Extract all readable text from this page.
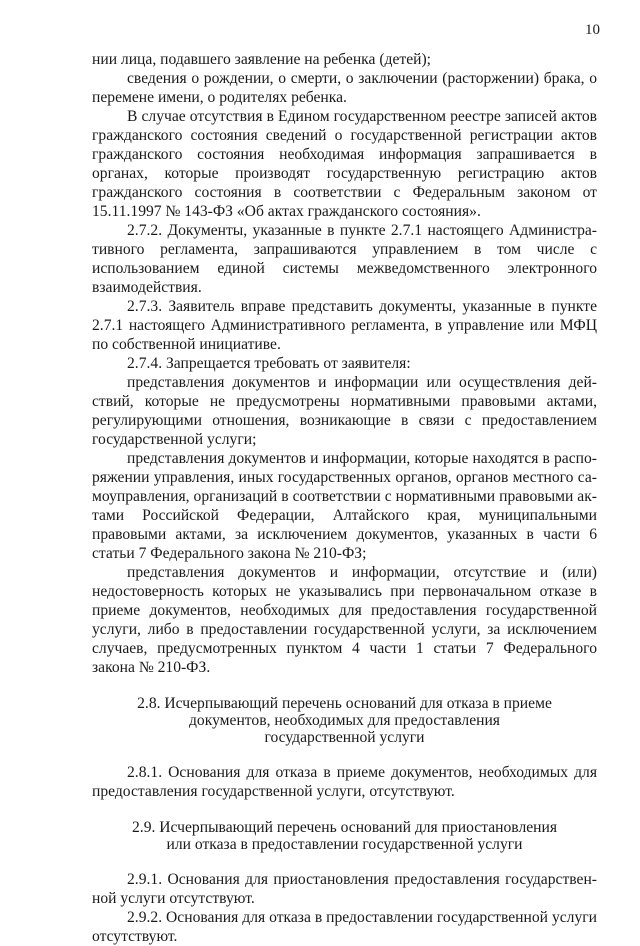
10

нии лица, подавшего заявление на ребенка (детей);

сведения о рождении, о смерти, о заключении (расторжении) брака, о перемене имени, о родителях ребенка.

В случае отсутствия в Едином государственном реестре записей актов гражданского состояния сведений о государственной регистрации актов гражданского состояния необходимая информация запрашивается в органах, которые производят государственную регистрацию актов гражданского состояния в соответствии с Федеральным законом от 15.11.1997 № 143-ФЗ «Об актах гражданского состояния».

2.7.2. Документы, указанные в пункте 2.7.1 настоящего Административного регламента, запрашиваются управлением в том числе с использованием единой системы межведомственного электронного взаимодействия.

2.7.3. Заявитель вправе представить документы, указанные в пункте 2.7.1 настоящего Административного регламента, в управление или МФЦ по собственной инициативе.

2.7.4. Запрещается требовать от заявителя:

представления документов и информации или осуществления действий, которые не предусмотрены нормативными правовыми актами, регулирующими отношения, возникающие в связи с предоставлением государственной услуги;

представления документов и информации, которые находятся в распоряжении управления, иных государственных органов, органов местного самоуправления, организаций в соответствии с нормативными правовыми актами Российской Федерации, Алтайского края, муниципальными правовыми актами, за исключением документов, указанных в части 6 статьи 7 Федерального закона № 210-ФЗ;

представления документов и информации, отсутствие и (или) недостоверность которых не указывались при первоначальном отказе в приеме документов, необходимых для предоставления государственной услуги, либо в предоставлении государственной услуги, за исключением случаев, предусмотренных пунктом 4 части 1 статьи 7 Федерального закона № 210-ФЗ.

2.8. Исчерпывающий перечень оснований для отказа в приеме документов, необходимых для предоставления государственной услуги

2.8.1. Основания для отказа в приеме документов, необходимых для предоставления государственной услуги, отсутствуют.

2.9. Исчерпывающий перечень оснований для приостановления или отказа в предоставлении государственной услуги

2.9.1. Основания для приостановления предоставления государственной услуги отсутствуют.

2.9.2. Основания для отказа в предоставлении государственной услуги отсутствуют.
